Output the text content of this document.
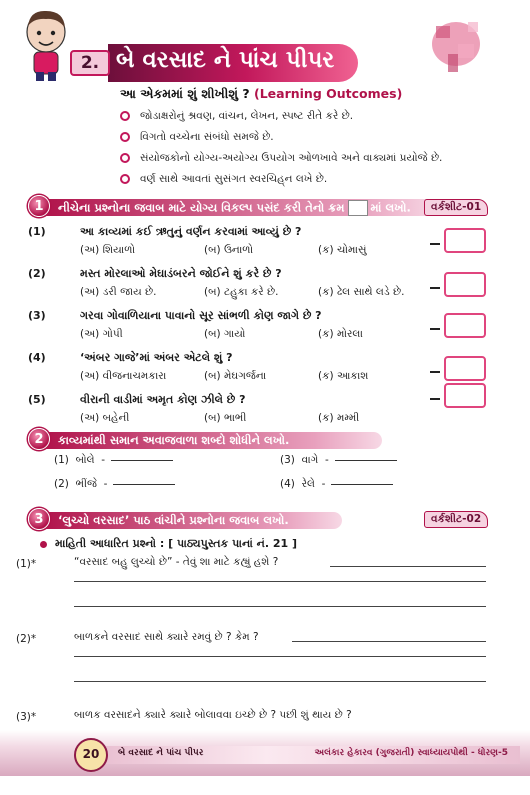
2. બે વરસાદ ને પાંચ પીપર
આ એકમમાં શું શીખીશું ? (Learning Outcomes)
જોડાક્ષરોનું શ્રવણ, વાંચન, લેખન, સ્પષ્ટ રીતે કરે છે.
વિગતો વચ્ચેના સંબંધો સમજે છે.
સંયોજકોનો યોગ્ય-અયોગ્ય ઉપયોગ ઓળખાવે અને વાક્યમાં પ્રયોજે છે.
વર્ણ સાથે આવતાં સુસંગત સ્વરચિહ્‌ન લખે છે.
1	નીચેના પ્રશ્નોના જવાબ માટે યોગ્ય વિકલ્પ પસંદ કરી તેનો ક્રમ માં લખો.	વર્કશીટ-01
(1)	આ કાવ્યમાં કઈ ઋતુનું વર્ણન કરવામાં આવ્યું છે ?
(અ) શિયાળો	(બ) ઉનાળો	(ક) ચોમાસું
(2)	મસ્ત મોરલાઓ મેઘાડંબરને જોઈને શું કરે છે ?
(અ) ડરી જાય છે.	(બ) ટહુકા કરે છે.	(ક) ઢેલ સાથે લડે છે.
(3)	ગરવા ગોવાળિયાના પાવાનો સૂર સાંભળી કોણ જાગે છે ?
(અ) ગોપી	(બ) ગાયો	(ક) મોરલા
(4)	‘અંબર ગાજે’માં અંબર એટલે શું ?
(અ) વીજનાચમકારા	(બ) મેઘગર્જના	(ક) આકાશ
(5)	વીરાની વાડીમાં અમૃત કોણ ઝીલે છે ?
(અ) બહેની	(બ) ભાભી	(ક) મમ્મી
2	કાવ્યમાંથી સમાન અવાજવાળા શબ્દો શોધીને લખો.
(1) બોલે -	(3) વાગે -
(2) ભીંજે -	(4) રેલે -
3	‘લુચ્ચો વરસાદ’ પાઠ વાંચીને પ્રશ્નોના જવાબ લખો.	વર્કશીટ-02
માહિતી આધારિત પ્રશ્નો : [ પાઠ્યપુસ્તક પાનાં નં. 21 ]
(1)*	“વરસાદ બહુ લુચ્ચો છે” - તેવું શા માટે કહ્યું હશે ?
(2)*	બાળકને વરસાદ સાથે ક્યારે રમવું છે ? કેમ ?
(3)*	બાળક વરસાદને ક્યારે ક્યારે બોલાવવા ઇચ્છે છે ? પછી શું થાય છે ?
20	બે વરસાદ ને પાંચ પીપર	અલંકાર હેકારવ (ગુજરાતી) સ્વાધ્યાયપોથી - ધોરણ-5
